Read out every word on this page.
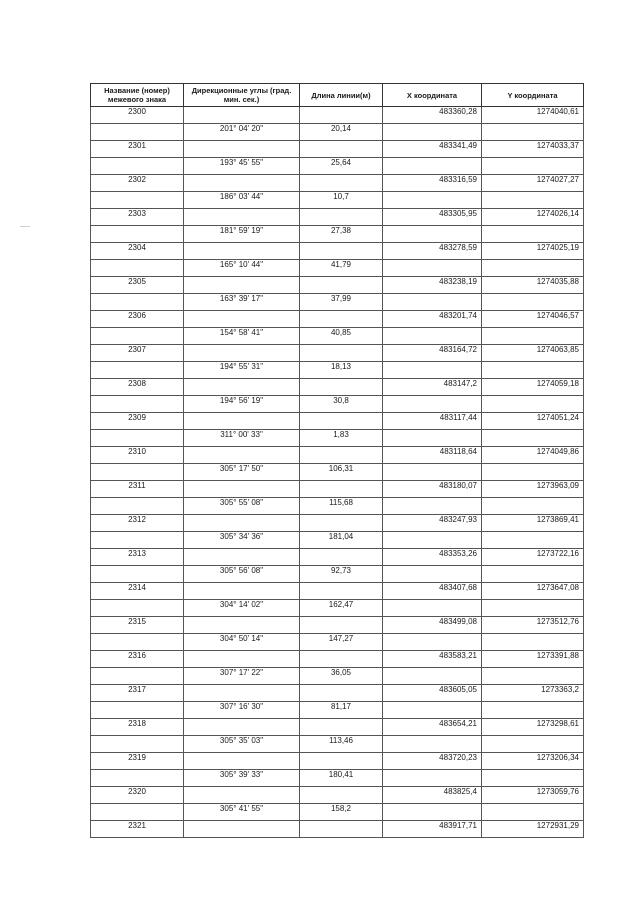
Название (номер) межевого знака	Дирекционные углы (град. мин. сек.)	Длина линии(м)	X координата	Y координата
2300			483360,28	1274040,61
	201° 04' 20"	20,14		
2301			483341,49	1274033,37
	193° 45' 55"	25,64		
2302			483316,59	1274027,27
	186° 03' 44"	10,7		
2303			483305,95	1274026,14
	181° 59' 19"	27,38		
2304			483278,59	1274025,19
	165° 10' 44"	41,79		
2305			483238,19	1274035,88
	163° 39' 17"	37,99		
2306			483201,74	1274046,57
	154° 58' 41"	40,85		
2307			483164,72	1274063,85
	194° 55' 31"	18,13		
2308			483147,2	1274059,18
	194° 56' 19"	30,8		
2309			483117,44	1274051,24
	311° 00' 33"	1,83		
2310			483118,64	1274049,86
	305° 17' 50"	106,31		
2311			483180,07	1273963,09
	305° 55' 08"	115,68		
2312			483247,93	1273869,41
	305° 34' 36"	181,04		
2313			483353,26	1273722,16
	305° 56' 08"	92,73		
2314			483407,68	1273647,08
	304° 14' 02"	162,47		
2315			483499,08	1273512,76
	304° 50' 14"	147,27		
2316			483583,21	1273391,88
	307° 17' 22"	36,05		
2317			483605,05	1273363,2
	307° 16' 30"	81,17		
2318			483654,21	1273298,61
	305° 35' 03"	113,46		
2319			483720,23	1273206,34
	305° 39' 33"	180,41		
2320			483825,4	1273059,76
	305° 41' 55"	158,2		
2321			483917,71	1272931,29
